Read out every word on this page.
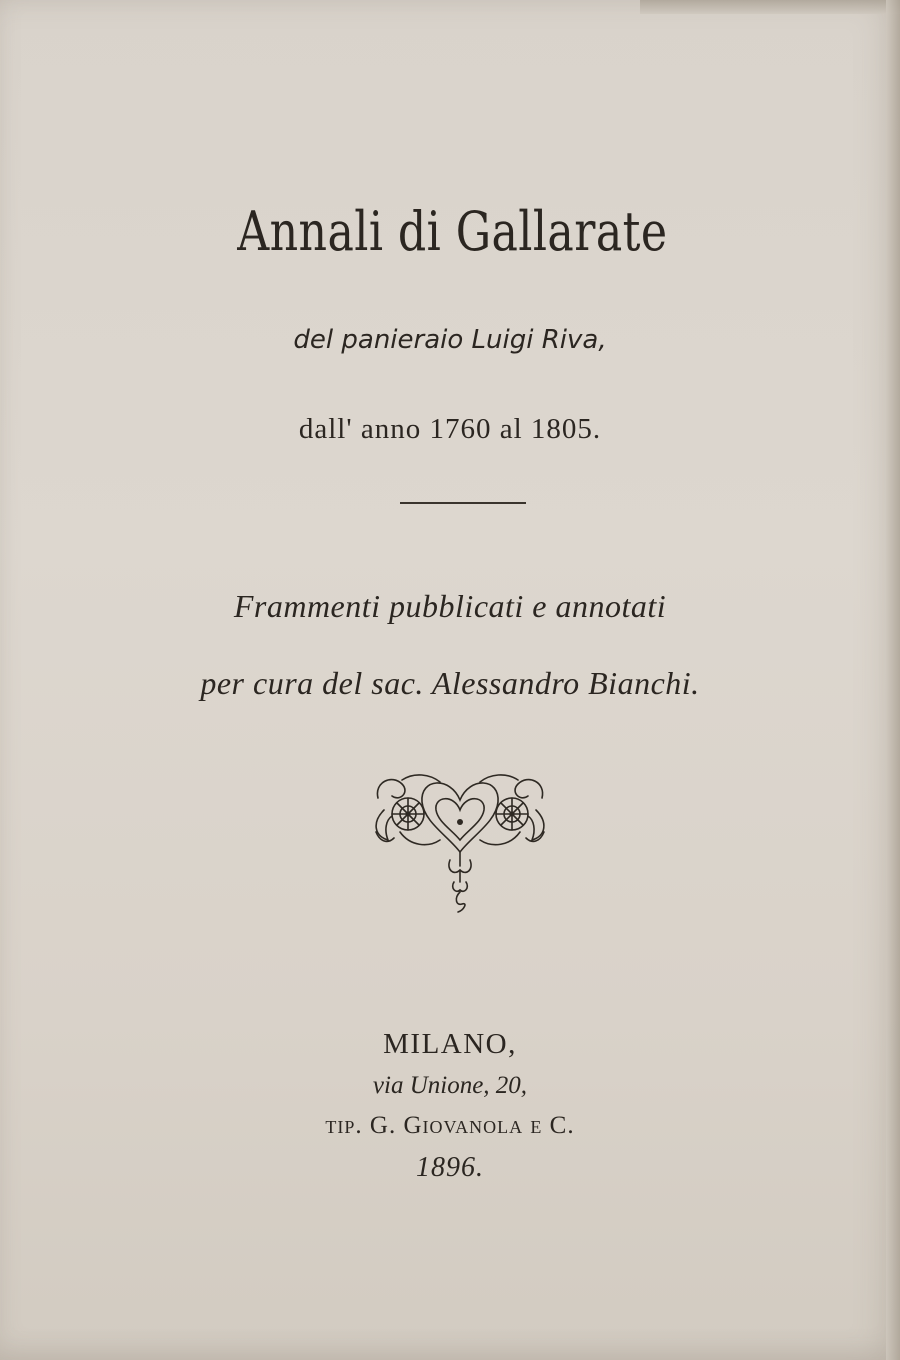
Annali di Gallarate
del panieraio Luigi Riva,
dall' anno 1760 al 1805.
Frammenti pubblicati e annotati
per cura del sac. Alessandro Bianchi.
MILANO,
via Unione, 20,
tip. G. Giovanola e C.
1896.
